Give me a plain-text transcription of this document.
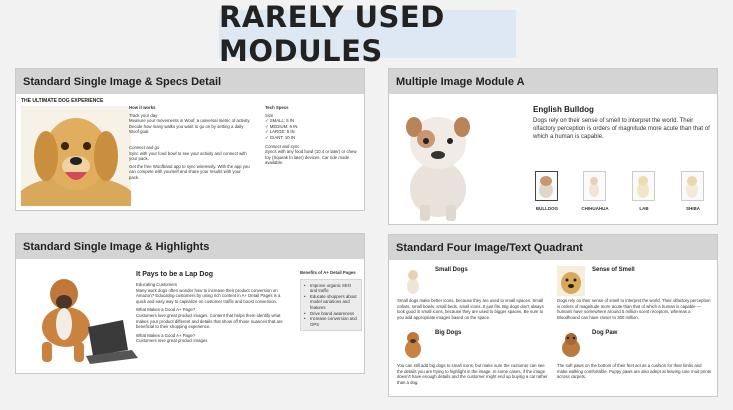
RARELY USED MODULES
Standard Single Image & Specs Detail
THE ULTIMATE DOG EXPERIENCE
How it works
Track your day
Measure your movements in Woof, a universal metric of activity.
Decide how many walks you want to go on by setting a daily Woof goal.
Connect and go
Sync with your food bowl to see your activity and connect with your pack.
Get the free Woofband app to sync wirelessly. With the app you can compete with yourself and share your results with your pack.
Tech Specs
Size
✓ SMALL: 5 IN
✓ MEDIUM: 6 IN
✓ LARGE: 8 IN
✓ GIANT: 10 IN
Connect and sync
Syncs with any food bowl (10.4 or later) or chew toy (Squeak In later) devices. Car ride mode available.
Multiple Image Module A
English Bulldog
Dogs rely on their sense of smell to interpret the world. Their olfactory perception is orders of magnitude more acute than that of which a human is capable.
BULLDOG	CHIHUAHUA	LAB	SHIBA
Standard Single Image & Highlights
It Pays to be a Lap Dog
Educating Customers
Many work dogs often wonder how to increase their product conversion on Amazon? Educating customers by using rich content in A+ Detail Pages is a quick and easy way to capitalize on customer traffic and boost conversion.
What Makes a Good A+ Page?
Customers love great product images. Content that helps them identify what makes your product different and details that show off those nuances that are beneficial to their shopping experience.
What Makes a Good A+ Page?
Customers love great product images
Benefits of A+ Detail Pages
• Improve organic SEO and traffic
• Educate shoppers about model variations and features
• Drive brand awareness
• Increase conversion and OPS
Standard Four Image/Text Quadrant
Small Dogs
Small dogs make better icons, because they are used to small spaces. Small collars, small bowls, small beds, small icons. It just fits. Big dogs don't always look good in small icons, because they are used to bigger spaces. Be sure to you add appropriate images based on the space.
Sense of Smell
Dogs rely on their sense of smell to interpret the world. Their olfactory perception is orders of magnitude more acute than that of which a human is capable — humans have somewhere around 5 million scent receptors, whereas a Bloodhound can have closer to 300 million.
Big Dogs
You can still add big dogs to small icons, but make sure the customer can see the details you are trying to highlight in the image. In some cases, if the image doesn't have enough details and the customer might end up buying a cat rather than a dog.
Dog Paw
The soft paws on the bottom of their feet act as a cushion for their limbs and make walking comfortable. Puppy paws are also adept at leaving cute mud prints across carpets.
